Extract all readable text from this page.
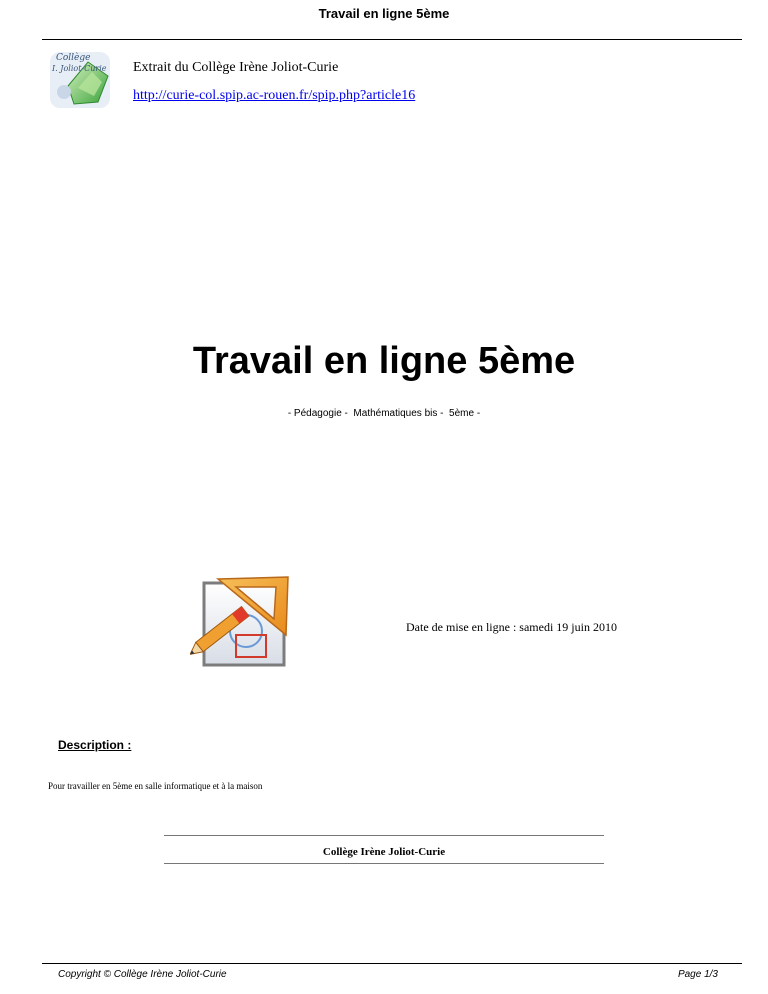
Travail en ligne 5ème
Collège
I. Joliot-Curie Extrait du Collège Irène Joliot-Curie
http://curie-col.spip.ac-rouen.fr/spip.php?article16
Travail en ligne 5ème
- Pédagogie -  Mathématiques bis -  5ème -
Date de mise en ligne : samedi 19 juin 2010
Description :
Pour travailler en 5ème en salle informatique et à la maison
Collège Irène Joliot-Curie
Copyright © Collège Irène Joliot-Curie	Page 1/3
